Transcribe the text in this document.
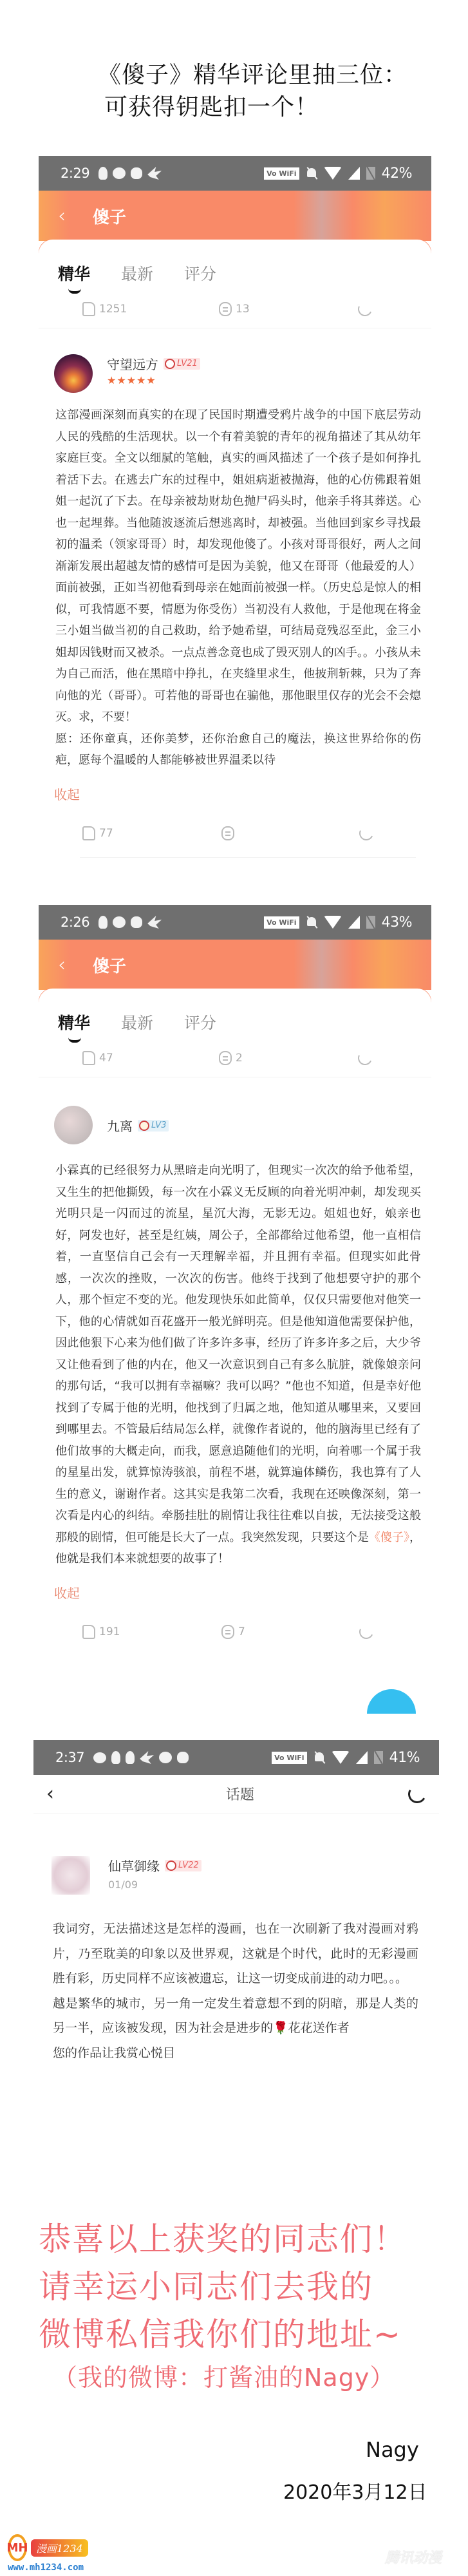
《傻子》精华评论里抽三位：
可获得钥匙扣一个！
2:29	Vo WiFi	42%
‹	傻子
精华 最新 评分
1251	13
守望远方 LV21
★★★★★

这部漫画深刻而真实的在现了民国时期遭受鸦片战争的中国下底层劳动人民的残酷的生活现状。以一个有着美貌的青年的视角描述了其从幼年家庭巨变。全文以细腻的笔触，真实的画风描述了一个孩子是如何挣扎着活下去。在逃去广东的过程中，姐姐病逝被抛海，他的心仿佛跟着姐姐一起沉了下去。在母亲被劫财劫色抛尸码头时，他亲手将其葬送。心也一起埋葬。当他随波逐流后想逃离时，却被强。当他回到家乡寻找最初的温柔（领家哥哥）时，却发现他傻了。小孩对哥哥很好，两人之间渐渐发展出超越友情的感情可是因为美貌，他又在哥哥（他最爱的人）面前被强，正如当初他看到母亲在她面前被强一样。（历史总是惊人的相似，可我情愿不要，情愿为你受伤）当初没有人救他，于是他现在将金三小姐当做当初的自己救助，给予她希望，可结局竟残忍至此，金三小姐却因钱财而又被杀。一点点善念竟也成了毁灭别人的凶手。。小孩从未为自己而活，他在黑暗中挣扎，在夹缝里求生，他披荆斩棘，只为了奔向他的光（哥哥）。可若他的哥哥也在骗他，那他眼里仅存的光会不会熄灭。求，不要！

愿：还你童真，还你美梦，还你治愈自己的魔法，换这世界给你的伤疤，愿每个温暖的人都能够被世界温柔以待

收起
77
2:26	Vo WiFi	43%
‹	傻子
精华 最新 评分
47	2
九离 LV3

小霖真的已经很努力从黑暗走向光明了，但现实一次次的给予他希望，又生生的把他撕毁，每一次在小霖义无反顾的向着光明冲刺，却发现买光明只是一闪而过的流星，星沉大海，无影无边。姐姐也好，娘亲也好，阿发也好，甚至是红姨，周公子，全部都给过他希望，他一直相信着，一直坚信自己会有一天理解幸福，并且拥有幸福。但现实如此骨感，一次次的挫败，一次次的伤害。他终于找到了他想要守护的那个人，那个恒定不变的光。他发现快乐如此简单，仅仅只需要他对他笑一下，他的心情就如百花盛开一般光鲜明亮。但是他知道他需要保护他，因此他狠下心来为他们做了许多许多事，经历了许多许多之后，大少爷又让他看到了他的内在，他又一次意识到自己有多么肮脏，就像娘亲问的那句话，“我可以拥有幸福嘛？我可以吗？”他也不知道，但是幸好他找到了专属于他的光明，他找到了归属之地，他知道从哪里来，又要回到哪里去。不管最后结局怎么样，就像作者说的，他的脑海里已经有了他们故事的大概走向，而我，愿意追随他们的光明，向着哪一个属于我的星星出发，就算惊涛骇浪，前程不堪，就算遍体鳞伤，我也算有了人生的意义，谢谢作者。这其实是我第二次看，我现在还映像深刻，第一次看是内心的纠结。牵肠挂肚的剧情让我往往难以自拔，无法接受这般那般的剧情，但可能是长大了一点。我突然发现，只要这个是《傻子》，他就是我们本来就想要的故事了！

收起
191	7
2:37	Vo WiFi	41%
‹	话题
仙草御缘 LV22
01/09

我词穷，无法描述这是怎样的漫画，也在一次刷新了我对漫画对鸦片，乃至耽美的印象以及世界观，这就是个时代，此时的无彩漫画胜有彩，历史同样不应该被遗忘，让这一切变成前进的动力吧。。。

越是繁华的城市，另一角一定发生着意想不到的阴暗，那是人类的另一半，应该被发现，因为社会是进步的🌹花花送作者

您的作品让我赏心悦目

恭喜以上获奖的同志们！
请幸运小同志们去我的
微博私信我你们的地址~
（我的微博：打酱油的Nagy）
Nagy
2020年3月12日
MH 漫画1234
www.mh1234.com
腾讯动漫
